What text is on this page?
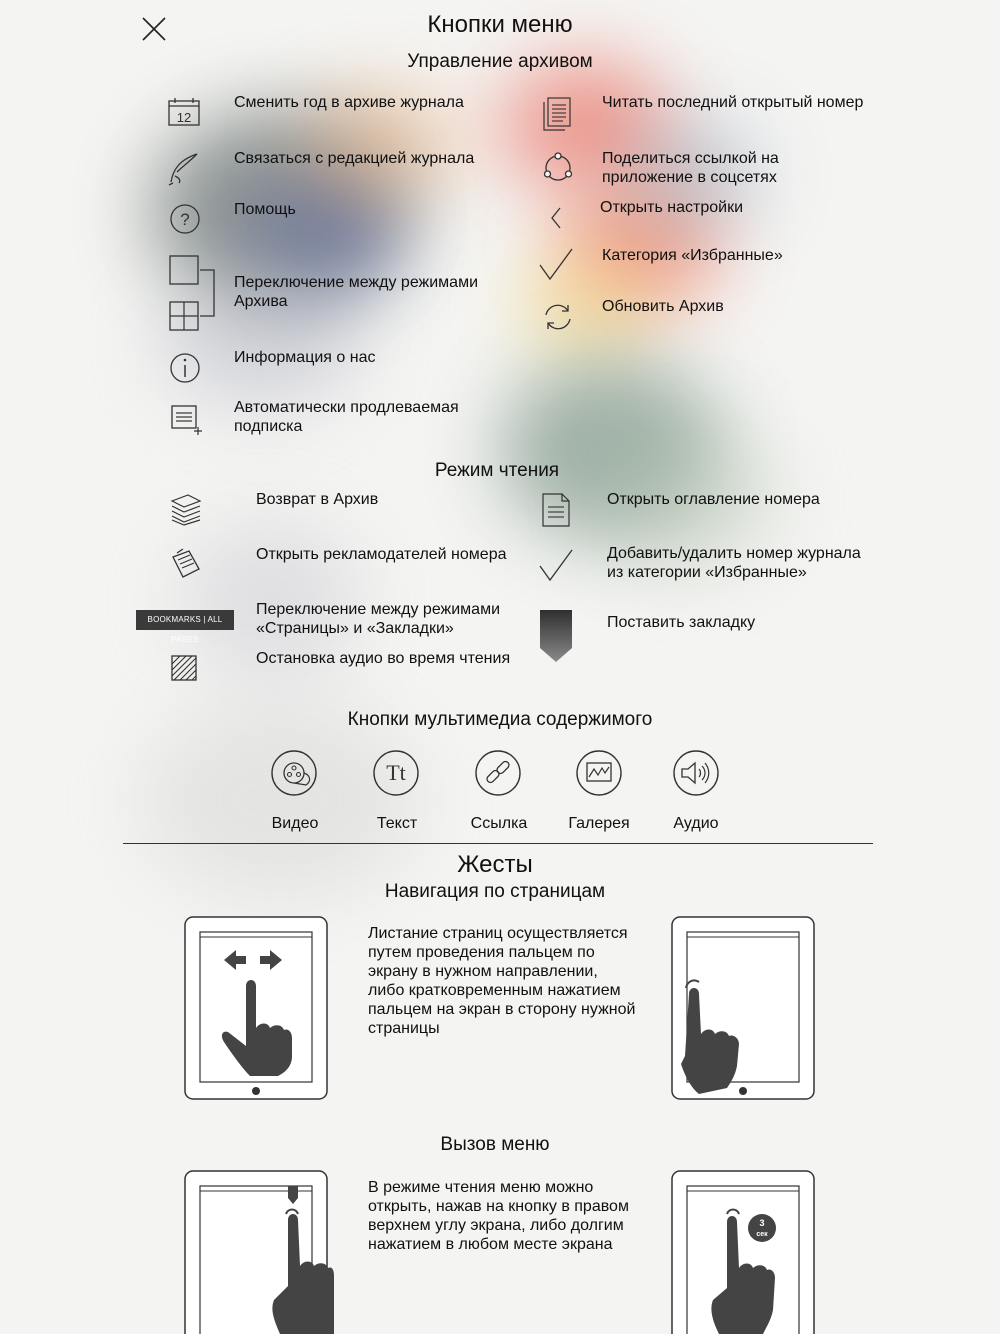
Кнопки меню
Управление архивом
12
?
Сменить год в архиве журнала
Связаться с редакцией журнала
Помощь
Переключение между режимами Архива
Информация о нас
Автоматически продлеваемая подписка
Читать последний открытый номер
Поделиться ссылкой на приложение в соцсетях
Открыть настройки
Категория «Избранные»
Обновить Архив
Режим чтения
BOOKMARKS | ALL PAGES
Возврат в Архив
Открыть рекламодателей номера
Переключение между режимами «Страницы» и «Закладки»
Остановка аудио во время чтения
Открыть оглавление номера
Добавить/удалить номер журнала из категории «Избранные»
Поставить закладку
Кнопки мультимедиа содержимого
Tt
Видео	Текст	Ссылка	Галерея	Аудио
Жесты
Навигация по страницам
Листание страниц осуществляется путем проведения пальцем по экрану в нужном направлении, либо кратковременным нажатием пальцем на экран в сторону нужной страницы
Вызов меню
В режиме чтения меню можно открыть, нажав на кнопку в правом верхнем углу экрана, либо долгим нажатием в любом месте экрана
3
сек
